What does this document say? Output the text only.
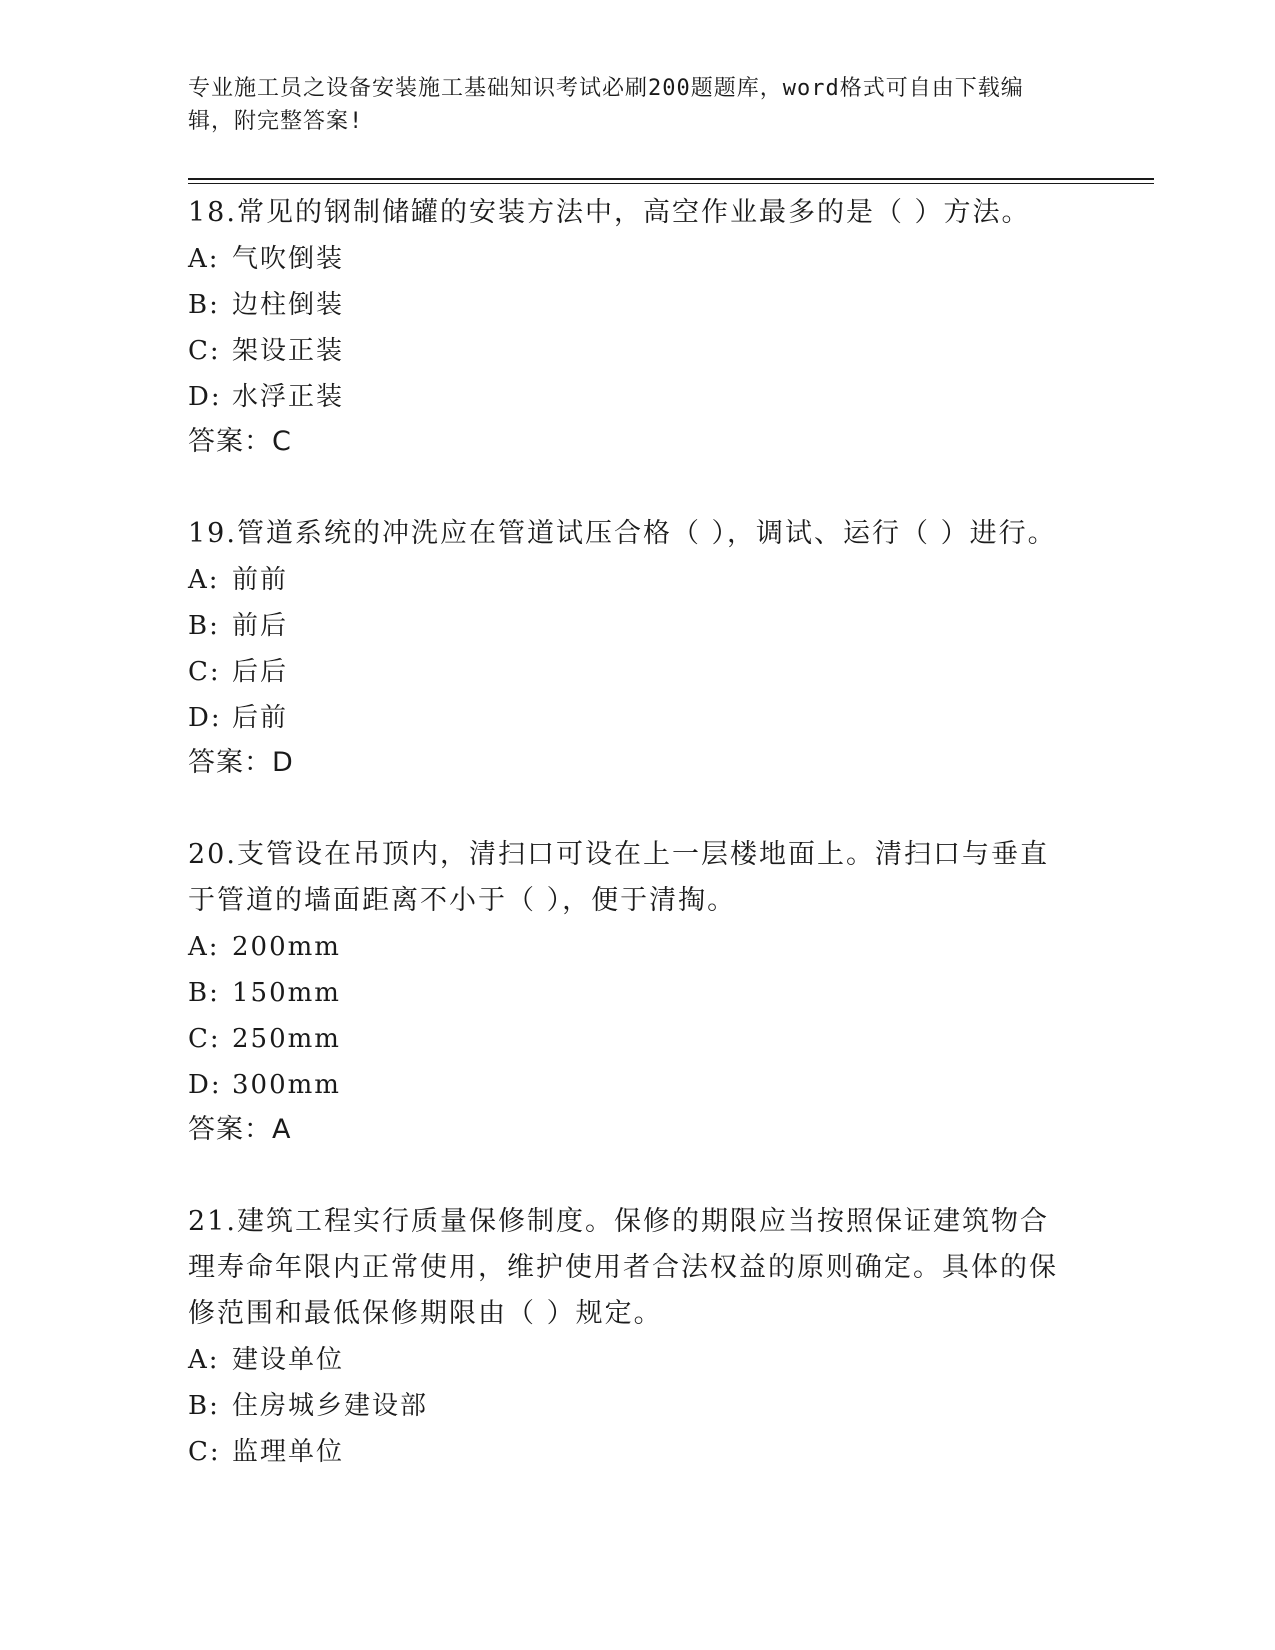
专业施工员之设备安装施工基础知识考试必刷200题题库，word格式可自由下载编辑，附完整答案!
18.常见的钢制储罐的安装方法中，高空作业最多的是（ ）方法。
A: 气吹倒装
B: 边柱倒装
C: 架设正装
D: 水浮正装
答案：C
19.管道系统的冲洗应在管道试压合格（ ），调试、运行（ ）进行。
A: 前前
B: 前后
C: 后后
D: 后前
答案：D
20.支管设在吊顶内，清扫口可设在上一层楼地面上。清扫口与垂直于管道的墙面距离不小于（ ），便于清掏。
A: 200mm
B: 150mm
C: 250mm
D: 300mm
答案：A
21.建筑工程实行质量保修制度。保修的期限应当按照保证建筑物合理寿命年限内正常使用，维护使用者合法权益的原则确定。具体的保修范围和最低保修期限由（ ）规定。
A: 建设单位
B: 住房城乡建设部
C: 监理单位
